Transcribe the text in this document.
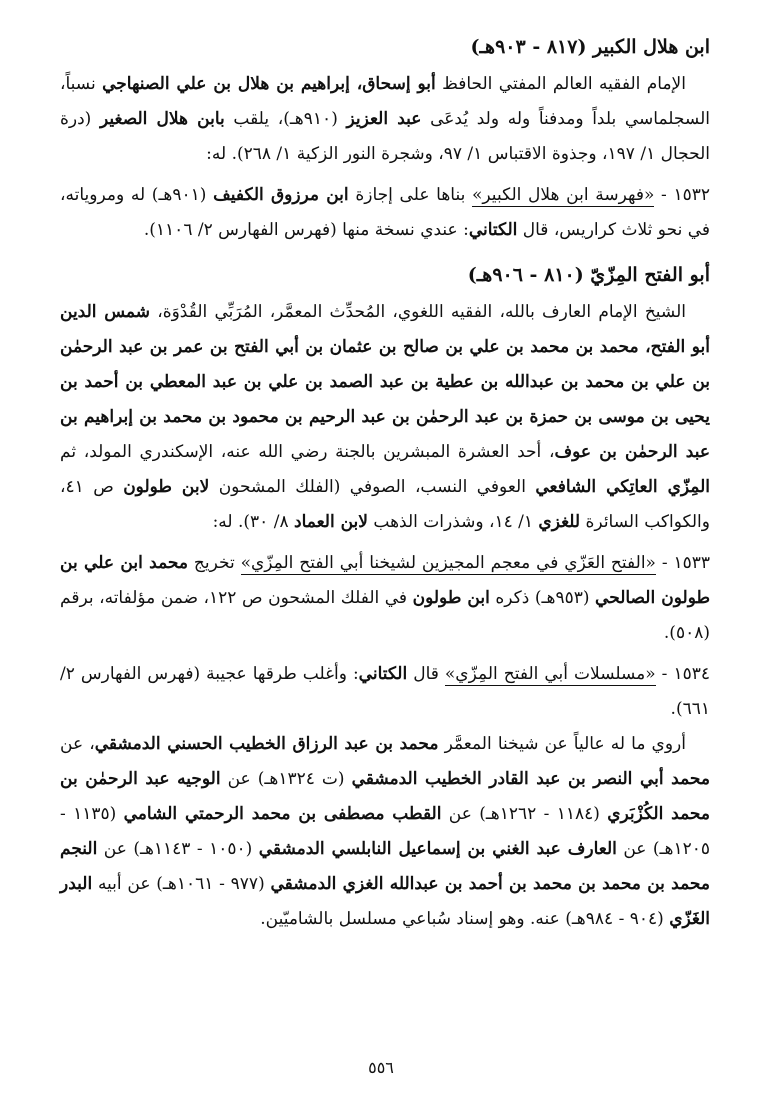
ابن هلال الكبير (٨١٧ - ٩٠٣هـ)

الإمام الفقيه العالم المفتي الحافظ أبو إسحاق، إبراهيم بن هلال بن علي الصنهاجي نسباً، السجلماسي بلداً ومدفناً وله ولد يُدعَى عبد العزيز (٩١٠هـ)، يلقب بابن هلال الصغير (درة الحجال ١/ ١٩٧، وجذوة الاقتباس ١/ ٩٧، وشجرة النور الزكية ١/ ٢٦٨). له:

١٥٣٢ - «فهرسة ابن هلال الكبير» بناها على إجازة ابن مرزوق الكفيف (٩٠١هـ) له ومروياته، في نحو ثلاث كراريس، قال الكتاني: عندي نسخة منها (فهرس الفهارس ٢/ ١١٠٦).

أبو الفتح المِزّيّ (٨١٠ - ٩٠٦هـ)

الشيخ الإمام العارف بالله، الفقيه اللغوي، المُحدِّث المعمَّر، المُرَبِّي القُدْوَة، شمس الدين أبو الفتح، محمد بن محمد بن علي بن صالح بن عثمان بن أبي الفتح بن عمر بن عبد الرحمٰن بن علي بن محمد بن عبدالله بن عطية بن عبد الصمد بن علي بن عبد المعطي بن أحمد بن يحيى بن موسى بن حمزة بن عبد الرحمٰن بن عبد الرحيم بن محمود بن محمد بن إبراهيم بن عبد الرحمٰن بن عوف، أحد العشرة المبشرين بالجنة رضي الله عنه، الإسكندري المولد، ثم المِزّي العاتِكي الشافعي العوفي النسب، الصوفي (الفلك المشحون لابن طولون ص ٤١، والكواكب السائرة للغزي ١/ ١٤، وشذرات الذهب لابن العماد ٨/ ٣٠). له:

١٥٣٣ - «الفتح العَزّي في معجم المجيزين لشيخنا أبي الفتح المِزّي» تخريج محمد ابن علي بن طولون الصالحي (٩٥٣هـ) ذكره ابن طولون في الفلك المشحون ص ١٢٢، ضمن مؤلفاته، برقم (٥٠٨).

١٥٣٤ - «مسلسلات أبي الفتح المِزّي» قال الكتاني: وأغلب طرقها عجيبة (فهرس الفهارس ٢/ ٦٦١).

أروي ما له عالياً عن شيخنا المعمَّر محمد بن عبد الرزاق الخطيب الحسني الدمشقي، عن محمد أبي النصر بن عبد القادر الخطيب الدمشقي (ت ١٣٢٤هـ) عن الوجيه عبد الرحمٰن بن محمد الكُزْبَري (١١٨٤ - ١٢٦٢هـ) عن القطب مصطفى بن محمد الرحمتي الشامي (١١٣٥ - ١٢٠٥هـ) عن العارف عبد الغني بن إسماعيل النابلسي الدمشقي (١٠٥٠ - ١١٤٣هـ) عن النجم محمد بن محمد بن محمد بن أحمد بن عبدالله الغزي الدمشقي (٩٧٧ - ١٠٦١هـ) عن أبيه البدر الغَزّي (٩٠٤ - ٩٨٤هـ) عنه. وهو إسناد سُباعي مسلسل بالشاميّين.

٥٥٦
